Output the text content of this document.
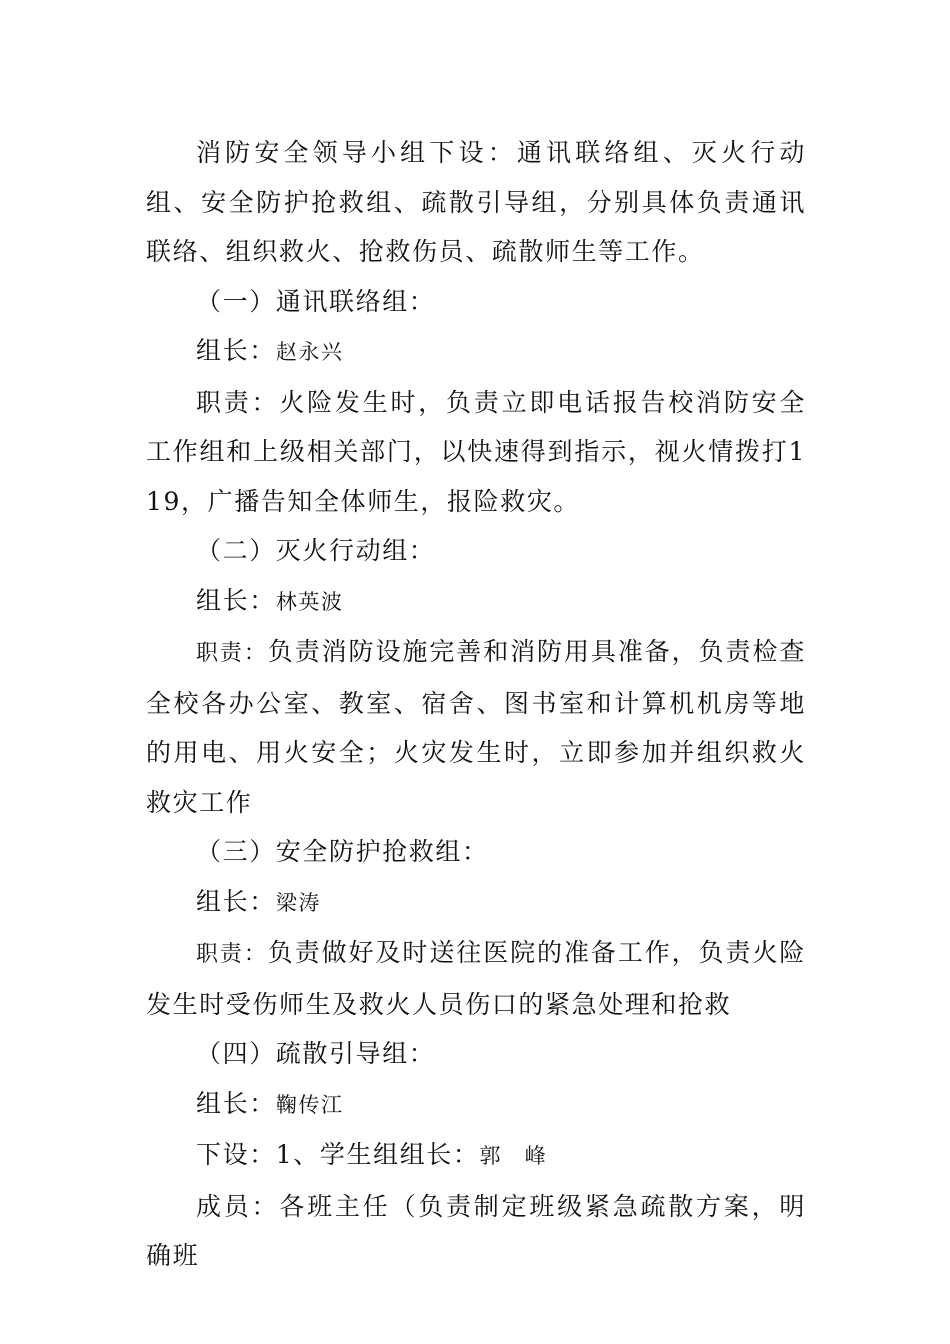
消防安全领导小组下设：通讯联络组、灭火行动组、安全防护抢救组、疏散引导组，分别具体负责通讯联络、组织救火、抢救伤员、疏散师生等工作。

（一）通讯联络组：

组长：赵永兴

职责：火险发生时，负责立即电话报告校消防安全工作组和上级相关部门，以快速得到指示，视火情拨打119，广播告知全体师生，报险救灾。

（二）灭火行动组：

组长：林英波

职责：负责消防设施完善和消防用具准备，负责检查全校各办公室、教室、宿舍、图书室和计算机机房等地的用电、用火安全；火灾发生时，立即参加并组织救火救灾工作

（三）安全防护抢救组：

组长：梁涛

职责：负责做好及时送往医院的准备工作，负责火险发生时受伤师生及救火人员伤口的紧急处理和抢救

（四）疏散引导组：

组长：鞠传江

下设：1、学生组组长：郭　峰

成员：各班主任（负责制定班级紧急疏散方案，明确班
